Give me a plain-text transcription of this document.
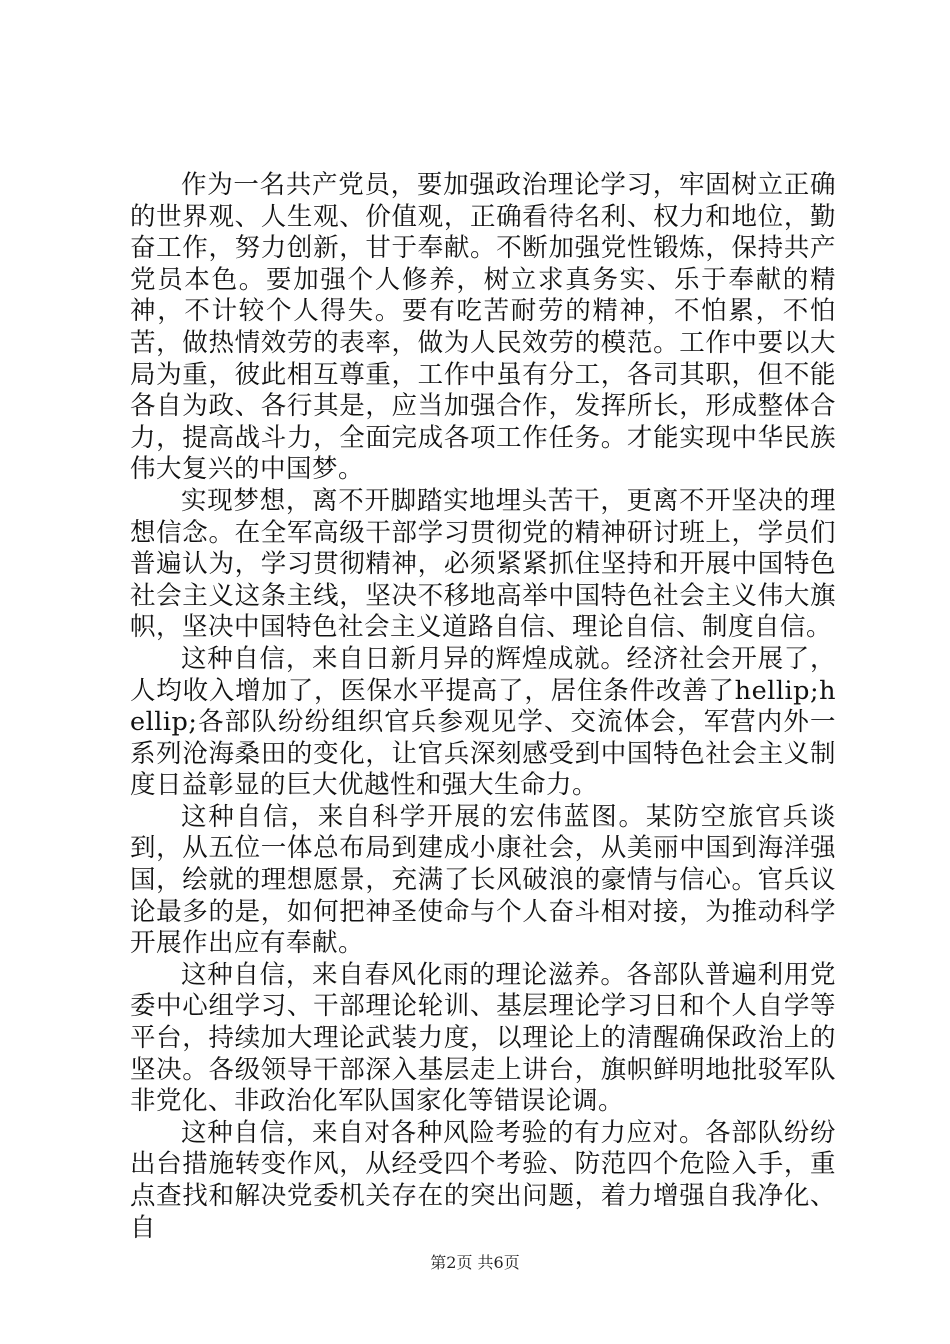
作为一名共产党员，要加强政治理论学习，牢固树立正确的世界观、人生观、价值观，正确看待名利、权力和地位，勤奋工作，努力创新，甘于奉献。不断加强党性锻炼，保持共产党员本色。要加强个人修养，树立求真务实、乐于奉献的精神，不计较个人得失。要有吃苦耐劳的精神，不怕累，不怕苦，做热情效劳的表率，做为人民效劳的模范。工作中要以大局为重，彼此相互尊重，工作中虽有分工，各司其职，但不能各自为政、各行其是，应当加强合作，发挥所长，形成整体合力，提高战斗力，全面完成各项工作任务。才能实现中华民族伟大复兴的中国梦。

实现梦想，离不开脚踏实地埋头苦干，更离不开坚决的理想信念。在全军高级干部学习贯彻党的精神研讨班上，学员们普遍认为，学习贯彻精神，必须紧紧抓住坚持和开展中国特色社会主义这条主线，坚决不移地高举中国特色社会主义伟大旗帜，坚决中国特色社会主义道路自信、理论自信、制度自信。

这种自信，来自日新月异的辉煌成就。经济社会开展了，人均收入增加了，医保水平提高了，居住条件改善了hellip;hellip;各部队纷纷组织官兵参观见学、交流体会，军营内外一系列沧海桑田的变化，让官兵深刻感受到中国特色社会主义制度日益彰显的巨大优越性和强大生命力。

这种自信，来自科学开展的宏伟蓝图。某防空旅官兵谈到，从五位一体总布局到建成小康社会，从美丽中国到海洋强国，绘就的理想愿景，充满了长风破浪的豪情与信心。官兵议论最多的是，如何把神圣使命与个人奋斗相对接，为推动科学开展作出应有奉献。

这种自信，来自春风化雨的理论滋养。各部队普遍利用党委中心组学习、干部理论轮训、基层理论学习日和个人自学等平台，持续加大理论武装力度，以理论上的清醒确保政治上的坚决。各级领导干部深入基层走上讲台，旗帜鲜明地批驳军队非党化、非政治化军队国家化等错误论调。

这种自信，来自对各种风险考验的有力应对。各部队纷纷出台措施转变作风，从经受四个考验、防范四个危险入手，重点查找和解决党委机关存在的突出问题，着力增强自我净化、自

第2页 共6页
